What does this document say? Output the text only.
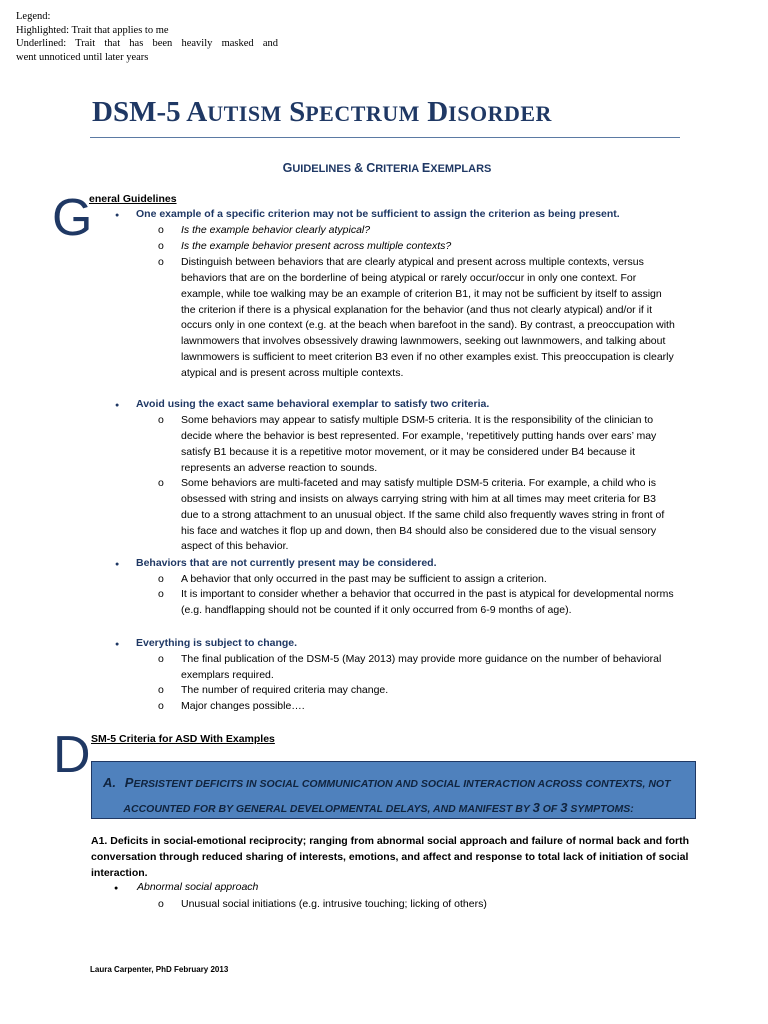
Legend:
Highlighted: Trait that applies to me
Underlined: Trait that has been heavily masked and
went unnoticed until later years
DSM-5 AUTISM SPECTRUM DISORDER
GUIDELINES & CRITERIA EXEMPLARS
G
eneral Guidelines
● One example of a specific criterion may not be sufficient to assign the criterion as being present.
o Is the example behavior clearly atypical?
o Is the example behavior present across multiple contexts?
o Distinguish between behaviors that are clearly atypical and present across multiple contexts, versus behaviors that are on the borderline of being atypical or rarely occur/occur in only one context. For example, while toe walking may be an example of criterion B1, it may not be sufficient by itself to assign the criterion if there is a physical explanation for the behavior (and thus not clearly atypical) and/or if it occurs only in one context (e.g. at the beach when barefoot in the sand). By contrast, a preoccupation with lawnmowers that involves obsessively drawing lawnmowers, seeking out lawnmowers, and talking about lawnmowers is sufficient to meet criterion B3 even if no other examples exist. This preoccupation is clearly atypical and is present across multiple contexts.
● Avoid using the exact same behavioral exemplar to satisfy two criteria.
o Some behaviors may appear to satisfy multiple DSM-5 criteria. It is the responsibility of the clinician to decide where the behavior is best represented. For example, ‘repetitively putting hands over ears’ may satisfy B1 because it is a repetitive motor movement, or it may be considered under B4 because it represents an adverse reaction to sounds.
o Some behaviors are multi-faceted and may satisfy multiple DSM-5 criteria. For example, a child who is obsessed with string and insists on always carrying string with him at all times may meet criteria for B3 due to a strong attachment to an unusual object. If the same child also frequently waves string in front of his face and watches it flop up and down, then B4 should also be considered due to the visual sensory aspect of this behavior.
● Behaviors that are not currently present may be considered.
o A behavior that only occurred in the past may be sufficient to assign a criterion.
o It is important to consider whether a behavior that occurred in the past is atypical for developmental norms (e.g. handflapping should not be counted if it only occurred from 6-9 months of age).
● Everything is subject to change.
o The final publication of the DSM-5 (May 2013) may provide more guidance on the number of behavioral exemplars required.
o The number of required criteria may change.
o Major changes possible….
D SM-5 Criteria for ASD With Examples
A. PERSISTENT DEFICITS IN SOCIAL COMMUNICATION AND SOCIAL INTERACTION ACROSS CONTEXTS, NOT
ACCOUNTED FOR BY GENERAL DEVELOPMENTAL DELAYS, AND MANIFEST BY 3 OF 3 SYMPTOMS:
A1. Deficits in social-emotional reciprocity; ranging from abnormal social approach and failure of normal back and forth conversation through reduced sharing of interests, emotions, and affect and response to total lack of initiation of social interaction.
● Abnormal social approach
o Unusual social initiations (e.g. intrusive touching; licking of others)
Laura Carpenter, PhD February 2013
